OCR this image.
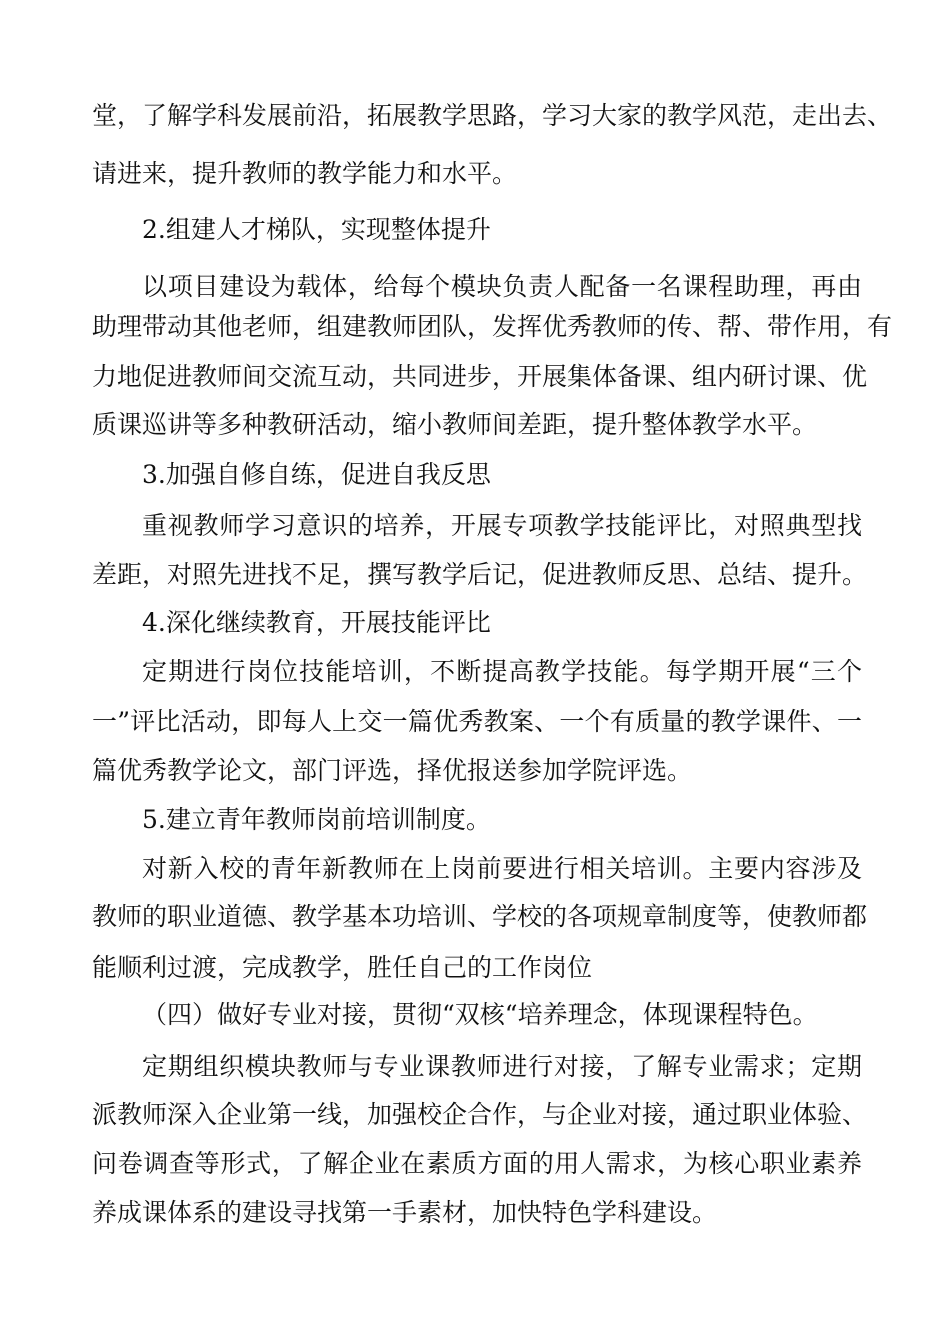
堂，了解学科发展前沿，拓展教学思路，学习大家的教学风范，走出去、
请进来，提升教师的教学能力和水平。
2.组建人才梯队，实现整体提升
以项目建设为载体，给每个模块负责人配备一名课程助理，再由
助理带动其他老师，组建教师团队，发挥优秀教师的传、帮、带作用，有
力地促进教师间交流互动，共同进步，开展集体备课、组内研讨课、优
质课巡讲等多种教研活动，缩小教师间差距，提升整体教学水平。
3.加强自修自练，促进自我反思
重视教师学习意识的培养，开展专项教学技能评比，对照典型找
差距，对照先进找不足，撰写教学后记，促进教师反思、总结、提升。
4.深化继续教育，开展技能评比
定期进行岗位技能培训，不断提高教学技能。每学期开展“三个
一”评比活动，即每人上交一篇优秀教案、一个有质量的教学课件、一
篇优秀教学论文，部门评选，择优报送参加学院评选。
5.建立青年教师岗前培训制度。
对新入校的青年新教师在上岗前要进行相关培训。主要内容涉及
教师的职业道德、教学基本功培训、学校的各项规章制度等，使教师都
能顺利过渡，完成教学，胜任自己的工作岗位
（四）做好专业对接，贯彻“双核“培养理念，体现课程特色。
定期组织模块教师与专业课教师进行对接，了解专业需求；定期
派教师深入企业第一线，加强校企合作，与企业对接，通过职业体验、
问卷调查等形式，了解企业在素质方面的用人需求，为核心职业素养
养成课体系的建设寻找第一手素材，加快特色学科建设。
